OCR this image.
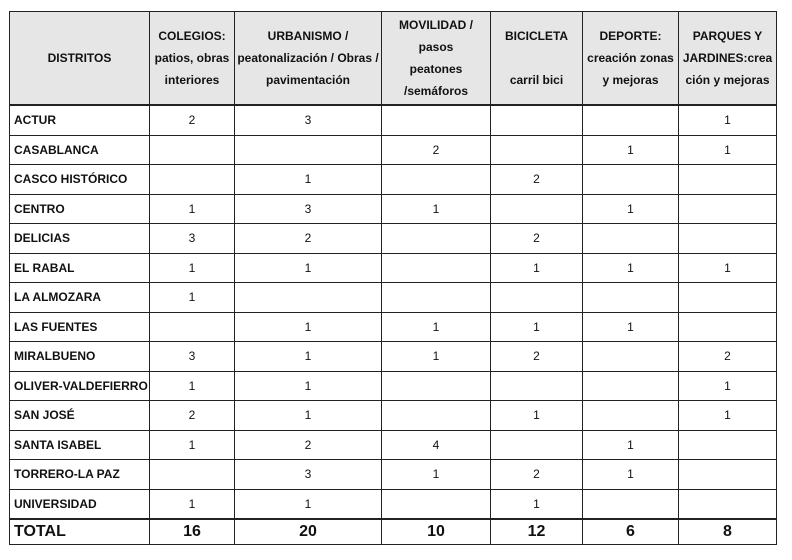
DISTRITOS	COLEGIOS:
patios, obras
interiores	URBANISMO /
peatonalización / Obras /
pavimentación	MOVILIDAD /
pasos
peatones
/semáforos	BICICLETA
carril bici	DEPORTE:
creación zonas
y mejoras	PARQUES Y
JARDINES:crea
ción y mejoras

ACTUR	2	3				1
CASABLANCA			2		1	1
CASCO HISTÓRICO		1		2		
CENTRO	1	3	1		1	
DELICIAS	3	2		2		
EL RABAL	1	1		1	1	1
LA ALMOZARA	1					
LAS FUENTES		1	1	1	1	
MIRALBUENO	3	1	1	2		2
OLIVER-VALDEFIERRO	1	1				1
SAN JOSÉ	2	1		1		1
SANTA ISABEL	1	2	4		1	
TORRERO-LA PAZ		3	1	2	1	
UNIVERSIDAD	1	1		1		
TOTAL	16	20	10	12	6	8
